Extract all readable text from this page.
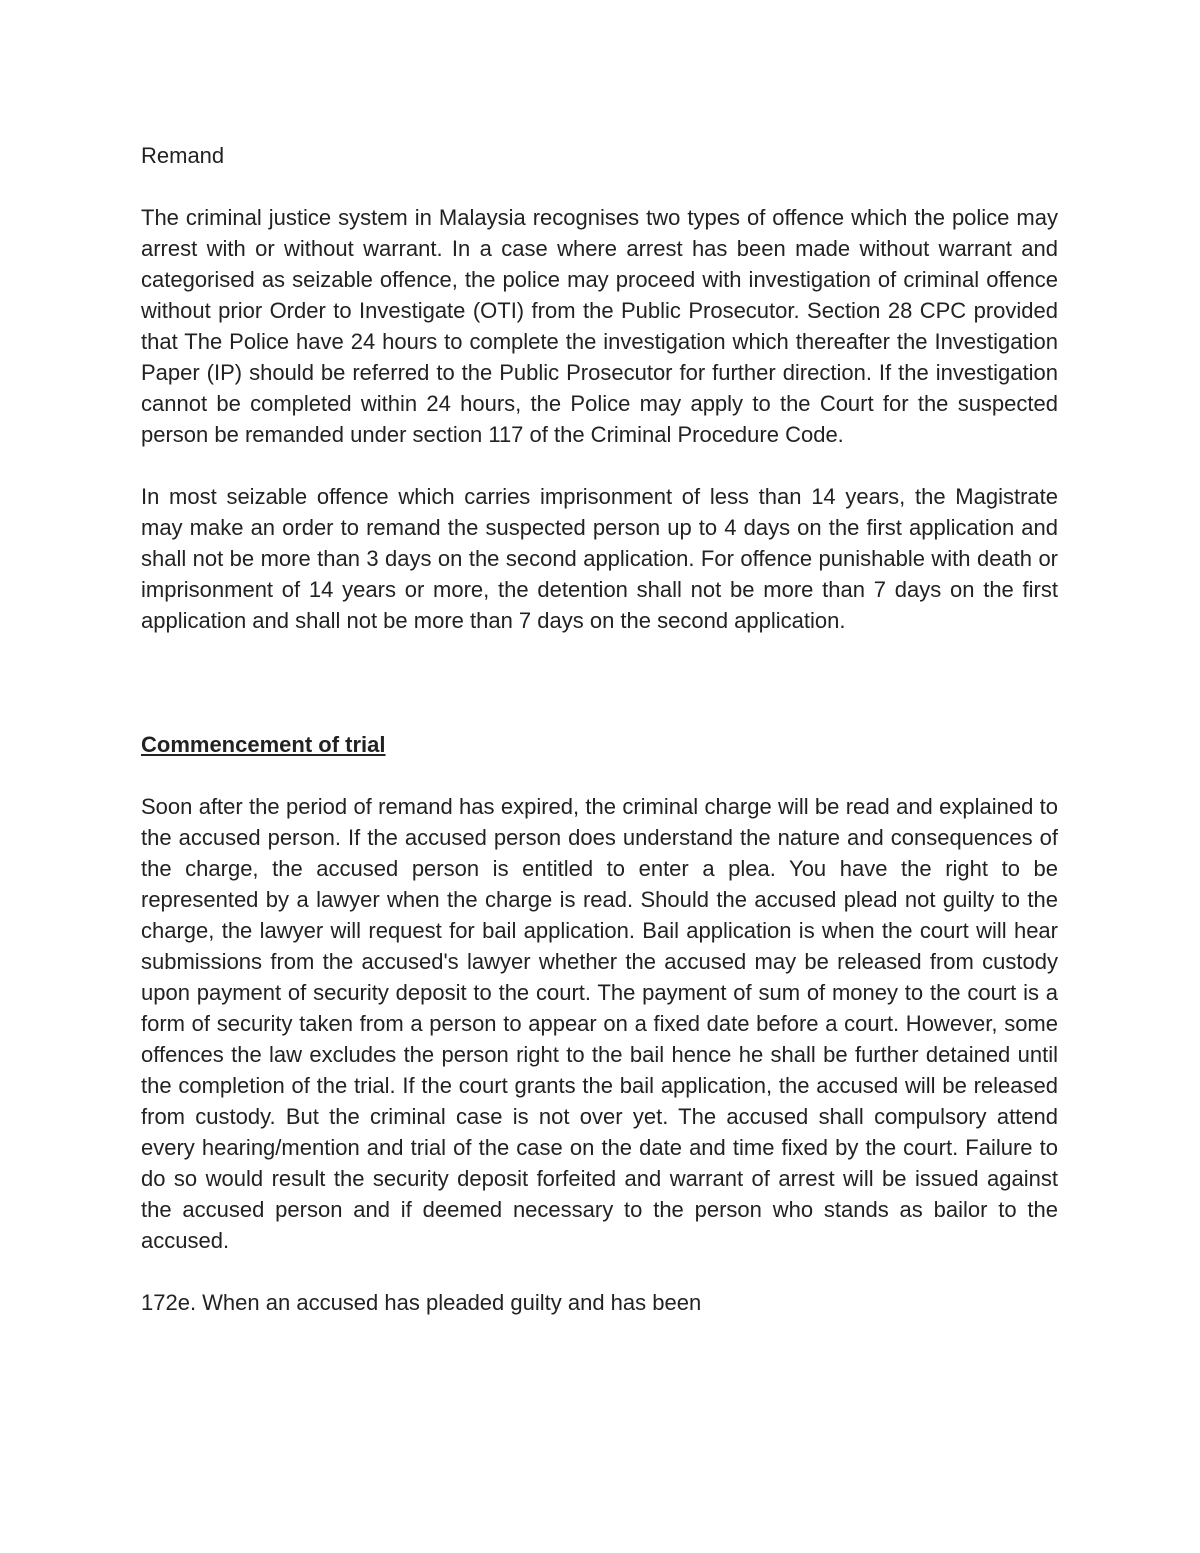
Remand

The criminal justice system in Malaysia recognises two types of offence which the police may arrest with or without warrant. In a case where arrest has been made without warrant and categorised as seizable offence, the police may proceed with investigation of criminal offence without prior Order to Investigate (OTI) from the Public Prosecutor. Section 28 CPC provided that The Police have 24 hours to complete the investigation which thereafter the Investigation Paper (IP) should be referred to the Public Prosecutor for further direction. If the investigation cannot be completed within 24 hours, the Police may apply to the Court for the suspected person be remanded under section 117 of the Criminal Procedure Code.

In most seizable offence which carries imprisonment of less than 14 years, the Magistrate may make an order to remand the suspected person up to 4 days on the first application and shall not be more than 3 days on the second application. For offence punishable with death or imprisonment of 14 years or more, the detention shall not be more than 7 days on the first application and shall not be more than 7 days on the second application.

Commencement of trial

Soon after the period of remand has expired, the criminal charge will be read and explained to the accused person. If the accused person does understand the nature and consequences of the charge, the accused person is entitled to enter a plea. You have the right to be represented by a lawyer when the charge is read. Should the accused plead not guilty to the charge, the lawyer will request for bail application. Bail application is when the court will hear submissions from the accused's lawyer whether the accused may be released from custody upon payment of security deposit to the court. The payment of sum of money to the court is a form of security taken from a person to appear on a fixed date before a court. However, some offences the law excludes the person right to the bail hence he shall be further detained until the completion of the trial. If the court grants the bail application, the accused will be released from custody. But the criminal case is not over yet. The accused shall compulsory attend every hearing/mention and trial of the case on the date and time fixed by the court. Failure to do so would result the security deposit forfeited and warrant of arrest will be issued against the accused person and if deemed necessary to the person who stands as bailor to the accused.

172e. When an accused has pleaded guilty and has been
